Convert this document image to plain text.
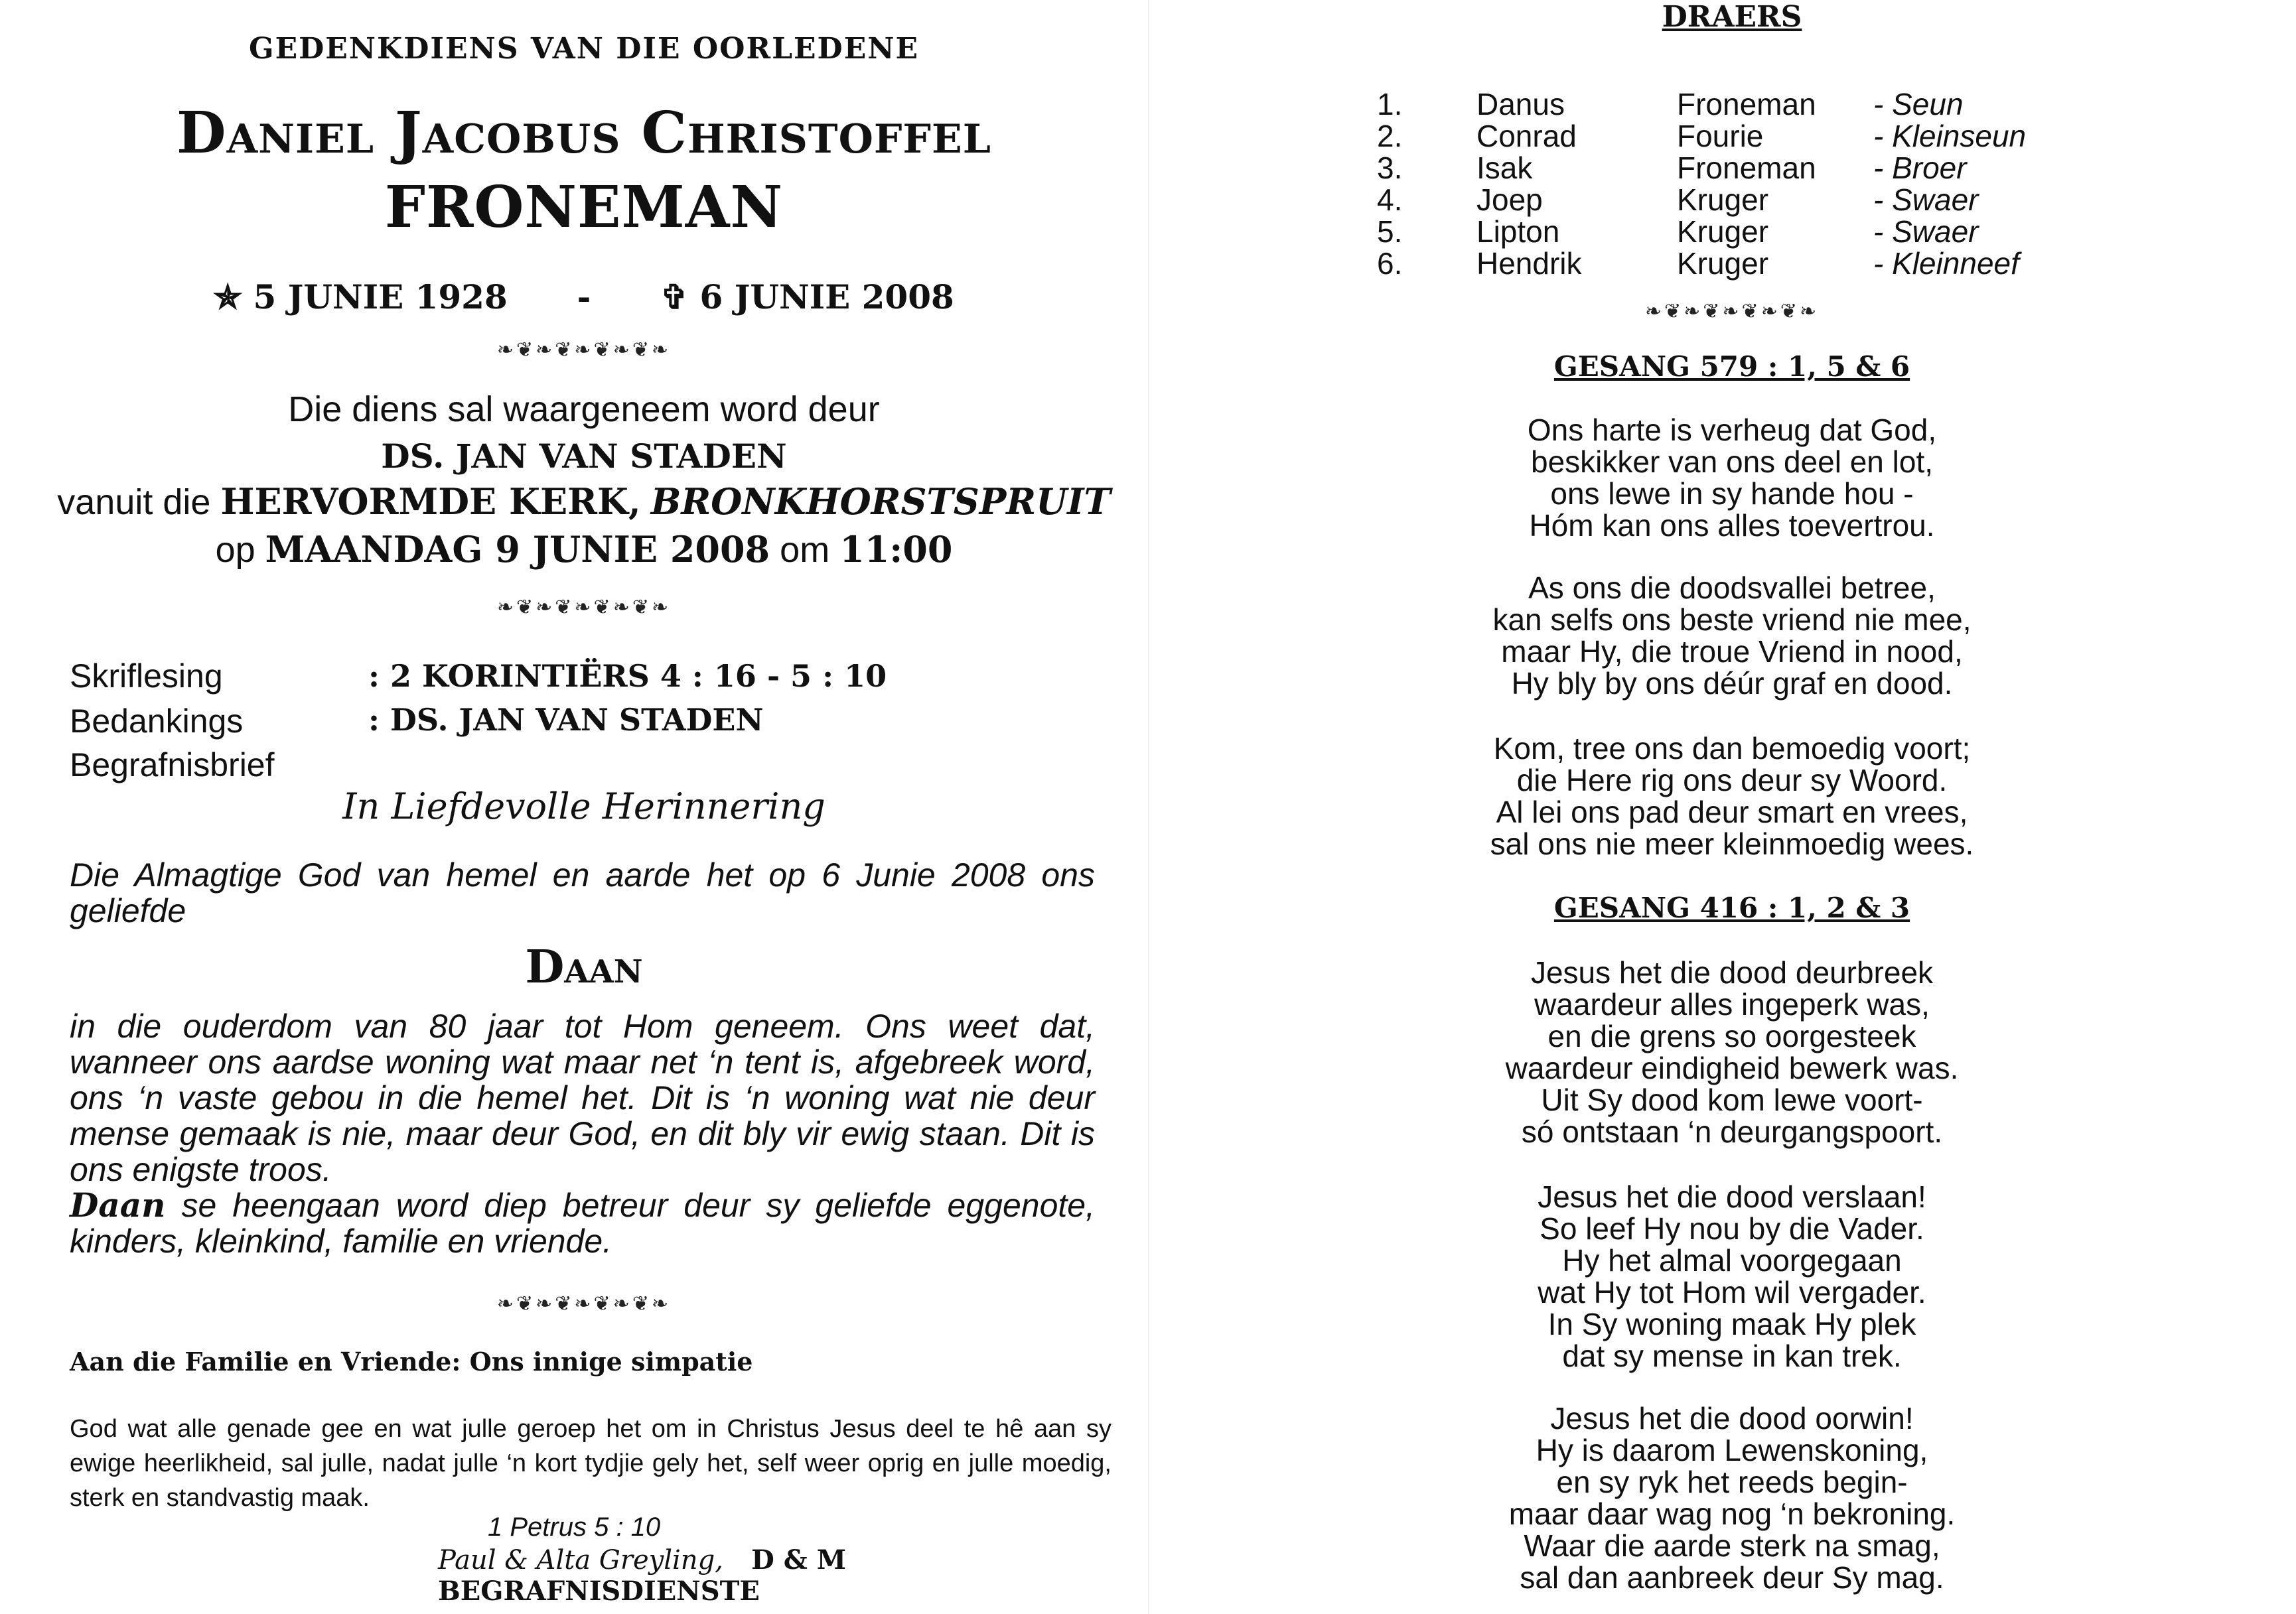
GEDENKDIENS VAN DIE OORLEDENE
Daniel Jacobus Christoffel
FRONEMAN
✯ 5 JUNIE 1928 - ✞ 6 JUNIE 2008
❧❦❧❦❧❦❧❦❧
Die diens sal waargeneem word deur
DS. JAN VAN STADEN
vanuit die HERVORMDE KERK, BRONKHORSTSPRUIT
op MAANDAG 9 JUNIE 2008 om 11:00
❧❦❧❦❧❦❧❦❧
Skriflesing	: 2 KORINTIËRS 4 : 16 - 5 : 10
Bedankings	: DS. JAN VAN STADEN
Begrafnisbrief
In Liefdevolle Herinnering
Die Almagtige God van hemel en aarde het op 6 Junie 2008 ons geliefde
Daan
in die ouderdom van 80 jaar tot Hom geneem. Ons weet dat, wanneer ons aardse woning wat maar net ‘n tent is, afgebreek word, ons ‘n vaste gebou in die hemel het. Dit is ‘n woning wat nie deur mense gemaak is nie, maar deur God, en dit bly vir ewig staan. Dit is ons enigste troos.
Daan se heengaan word diep betreur deur sy geliefde eggenote, kinders, kleinkind, familie en vriende.
❧❦❧❦❧❦❧❦❧
Aan die Familie en Vriende: Ons innige simpatie
God wat alle genade gee en wat julle geroep het om in Christus Jesus deel te hê aan sy ewige heerlikheid, sal julle, nadat julle ‘n kort tydjie gely het, self weer oprig en julle moedig, sterk en standvastig maak.
1 Petrus 5 : 10
Paul & Alta Greyling, D & M BEGRAFNISDIENSTE
DRAERS
1. Danus	Froneman - Seun
2. Conrad	Fourie	- Kleinseun
3. Isak	Froneman - Broer
4. Joep	Kruger	- Swaer
5. Lipton	Kruger	- Swaer
6. Hendrik	Kruger	- Kleinneef
❧❦❧❦❧❦❧❦❧
GESANG 579 : 1, 5 & 6
Ons harte is verheug dat God,
beskikker van ons deel en lot,
ons lewe in sy hande hou -
Hóm kan ons alles toevertrou.
As ons die doodsvallei betree,
kan selfs ons beste vriend nie mee,
maar Hy, die troue Vriend in nood,
Hy bly by ons déúr graf en dood.
Kom, tree ons dan bemoedig voort;
die Here rig ons deur sy Woord.
Al lei ons pad deur smart en vrees,
sal ons nie meer kleinmoedig wees.
GESANG 416 : 1, 2 & 3
Jesus het die dood deurbreek
waardeur alles ingeperk was,
en die grens so oorgesteek
waardeur eindigheid bewerk was.
Uit Sy dood kom lewe voort-
só ontstaan ‘n deurgangspoort.
Jesus het die dood verslaan!
So leef Hy nou by die Vader.
Hy het almal voorgegaan
wat Hy tot Hom wil vergader.
In Sy woning maak Hy plek
dat sy mense in kan trek.
Jesus het die dood oorwin!
Hy is daarom Lewenskoning,
en sy ryk het reeds begin-
maar daar wag nog ‘n bekroning.
Waar die aarde sterk na smag,
sal dan aanbreek deur Sy mag.
